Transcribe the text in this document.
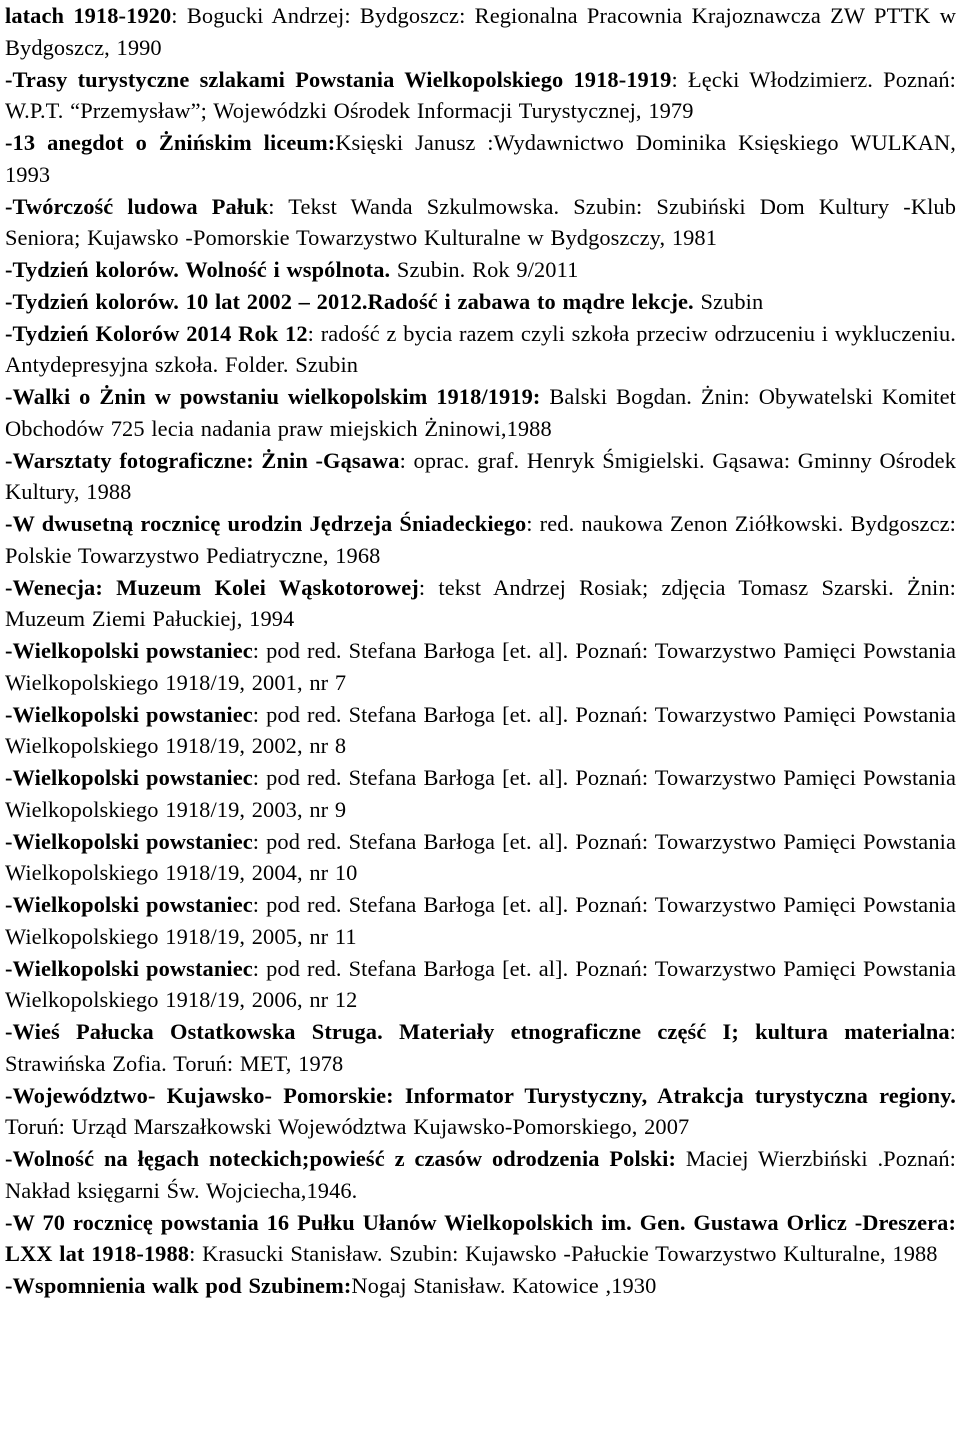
latach 1918-1920: Bogucki Andrzej: Bydgoszcz: Regionalna Pracownia Krajoznawcza ZW PTTK w Bydgoszcz, 1990

-Trasy turystyczne szlakami Powstania Wielkopolskiego 1918-1919: Łęcki Włodzimierz. Poznań: W.P.T. “Przemysław”; Wojewódzki Ośrodek Informacji Turystycznej, 1979

-13 anegdot o Żnińskim liceum:Księski Janusz :Wydawnictwo Dominika Księskiego WULKAN, 1993

-Twórczość ludowa Pałuk: Tekst Wanda Szkulmowska. Szubin: Szubiński Dom Kultury -Klub Seniora; Kujawsko -Pomorskie Towarzystwo Kulturalne w Bydgoszczy, 1981

-Tydzień kolorów. Wolność i wspólnota. Szubin. Rok 9/2011

-Tydzień kolorów. 10 lat 2002 – 2012.Radość i zabawa to mądre lekcje. Szubin

-Tydzień Kolorów 2014 Rok 12: radość z bycia razem czyli szkoła przeciw odrzuceniu i wykluczeniu. Antydepresyjna szkoła. Folder. Szubin

-Walki o Żnin w powstaniu wielkopolskim 1918/1919: Balski Bogdan. Żnin: Obywatelski Komitet Obchodów 725 lecia nadania praw miejskich Żninowi,1988

-Warsztaty fotograficzne: Żnin -Gąsawa: oprac. graf. Henryk Śmigielski. Gąsawa: Gminny Ośrodek Kultury, 1988

-W dwusetną rocznicę urodzin Jędrzeja Śniadeckiego: red. naukowa Zenon Ziółkowski. Bydgoszcz: Polskie Towarzystwo Pediatryczne, 1968

-Wenecja: Muzeum Kolei Wąskotorowej: tekst Andrzej Rosiak; zdjęcia Tomasz Szarski. Żnin: Muzeum Ziemi Pałuckiej, 1994

-Wielkopolski powstaniec: pod red. Stefana Barłoga [et. al]. Poznań: Towarzystwo Pamięci Powstania Wielkopolskiego 1918/19, 2001, nr 7

-Wielkopolski powstaniec: pod red. Stefana Barłoga [et. al]. Poznań: Towarzystwo Pamięci Powstania Wielkopolskiego 1918/19, 2002, nr 8

-Wielkopolski powstaniec: pod red. Stefana Barłoga [et. al]. Poznań: Towarzystwo Pamięci Powstania Wielkopolskiego 1918/19, 2003, nr 9

-Wielkopolski powstaniec: pod red. Stefana Barłoga [et. al]. Poznań: Towarzystwo Pamięci Powstania Wielkopolskiego 1918/19, 2004, nr 10

-Wielkopolski powstaniec: pod red. Stefana Barłoga [et. al]. Poznań: Towarzystwo Pamięci Powstania Wielkopolskiego 1918/19, 2005, nr 11

-Wielkopolski powstaniec: pod red. Stefana Barłoga [et. al]. Poznań: Towarzystwo Pamięci Powstania Wielkopolskiego 1918/19, 2006, nr 12

-Wieś Pałucka Ostatkowska Struga. Materiały etnograficzne część I; kultura materialna: Strawińska Zofia. Toruń: MET, 1978

-Województwo- Kujawsko- Pomorskie: Informator Turystyczny, Atrakcja turystyczna regiony. Toruń: Urząd Marszałkowski Województwa Kujawsko-Pomorskiego, 2007

-Wolność na łęgach noteckich;powieść z czasów odrodzenia Polski: Maciej Wierzbiński .Poznań: Nakład księgarni Św. Wojciecha,1946.

-W 70 rocznicę powstania 16 Pułku Ułanów Wielkopolskich im. Gen. Gustawa Orlicz -Dreszera: LXX lat 1918-1988: Krasucki Stanisław. Szubin: Kujawsko -Pałuckie Towarzystwo Kulturalne, 1988

-Wspomnienia walk pod Szubinem:Nogaj Stanisław. Katowice ,1930
